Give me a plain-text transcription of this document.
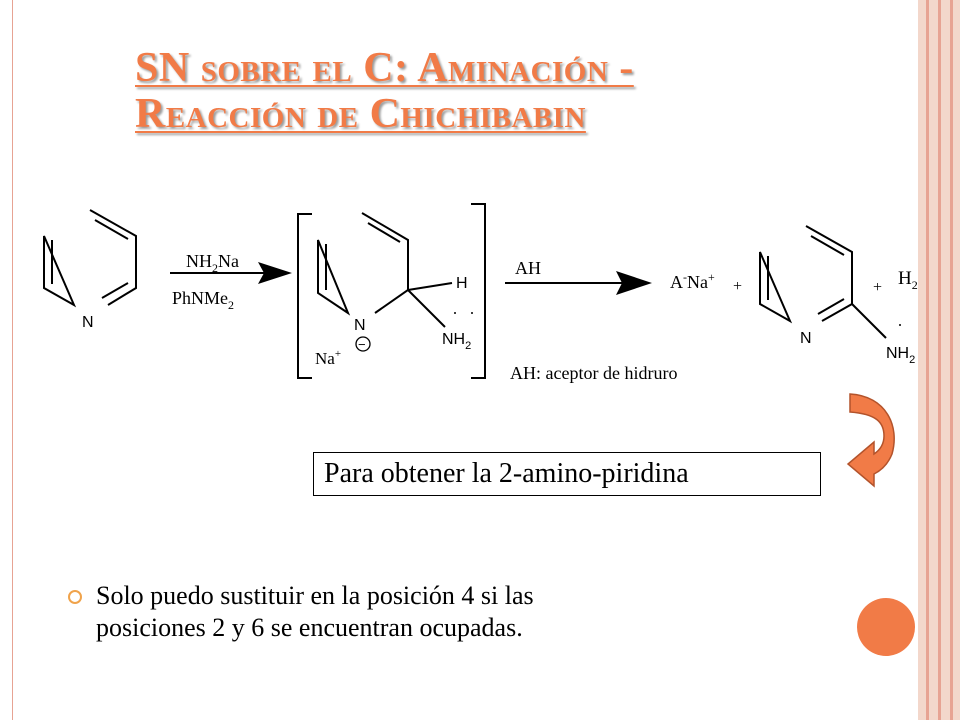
SN sobre el C: Aminación -
Reacción de Chichibabin
N
$NH_2Na$
PhNMe$_2$
N
H
$NH_2$
Na+
−
AH
AH: aceptor de hidruro
A-Na+
+	+
N
$NH_2$
$H_2$
Para obtener la 2-amino-piridina
Solo puedo sustituir en la posición 4 si las
posiciones 2 y 6 se encuentran ocupadas.
